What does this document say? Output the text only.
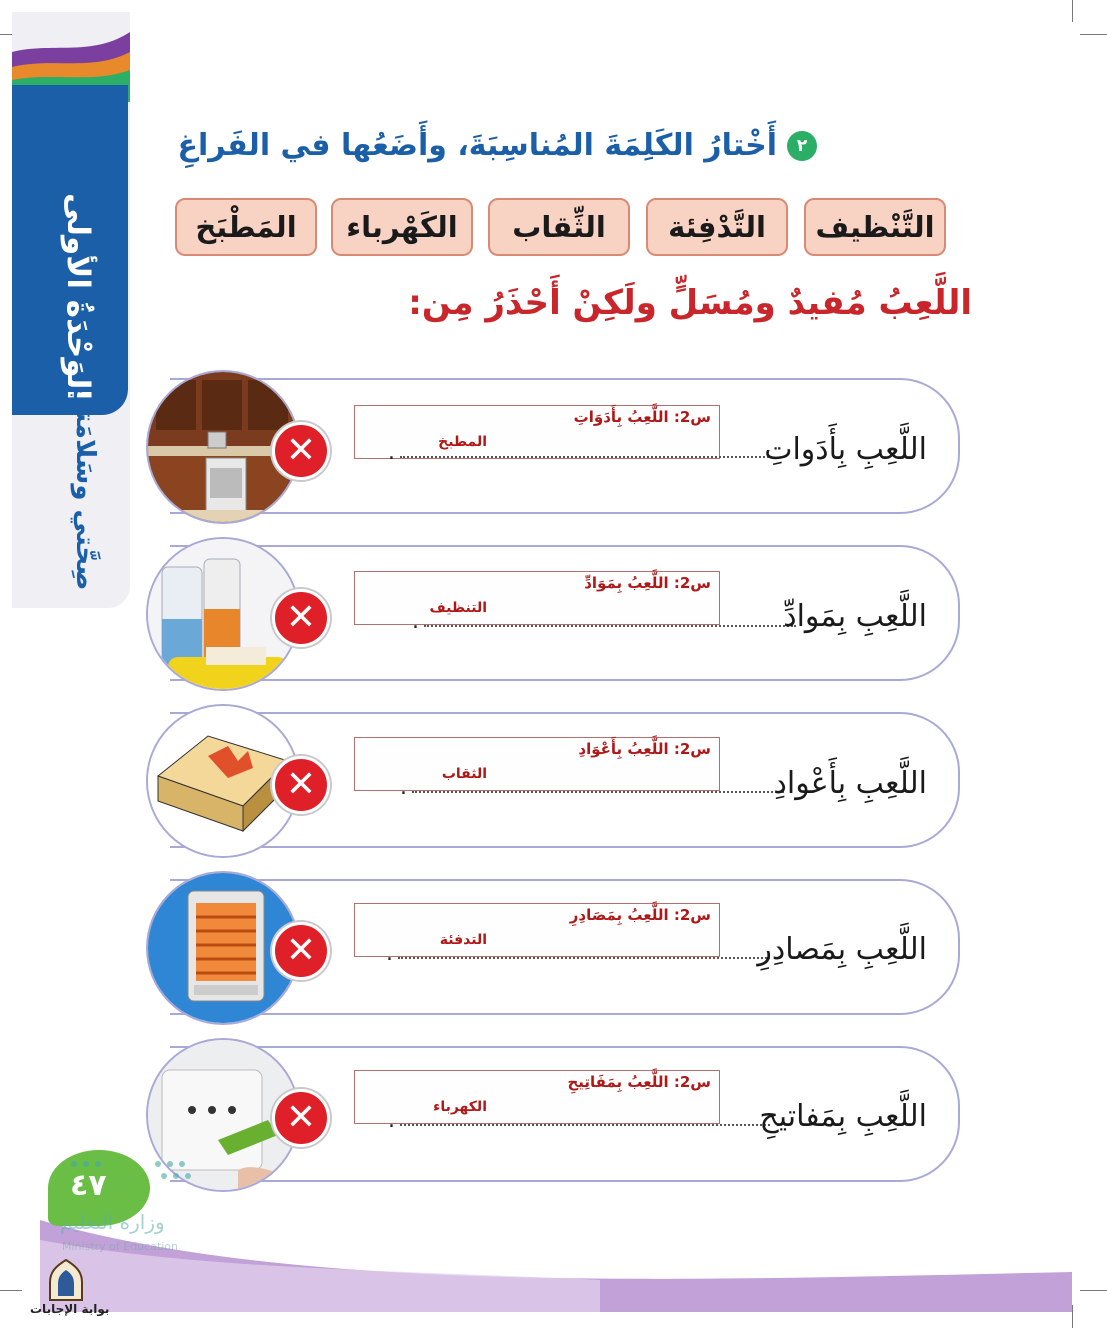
الوَحْدَةُ الأولى
صِحَّتي وسَلامَتي
٢
أَخْتارُ الكَلِمَةَ المُناسِبَةَ، وأَضَعُها في الفَراغِ
التَّنْظيف
التَّدْفِئة
الثِّقاب
الكَهْرباء
المَطْبَخ
اللَّعِبُ مُفيدٌ ومُسَلٍّ ولَكِنْ أَحْذَرُ مِن:
✕
س2: اللَّعِبُ بِأَدَوَاتِ
المطبخ
.	اللَّعِبِ بِأَدَواتِ
✕
س2: اللَّعِبُ بِمَوَادِّ
التنظيف
.	اللَّعِبِ بِمَوادِّ
✕
س2: اللَّعِبُ بِأَعْوَادِ
الثقاب
.	اللَّعِبِ بِأَعْوادِ
✕
س2: اللَّعِبُ بِمَصَادِرِ
التدفئة
.	اللَّعِبِ بِمَصادِرِ
✕
س2: اللَّعِبُ بِمَفَاتِيحِ
الكهرباء
.	اللَّعِبِ بِمَفاتيحِ
٤٧
وزارة التعليم
Ministry of Education
بوابة الإجابات
